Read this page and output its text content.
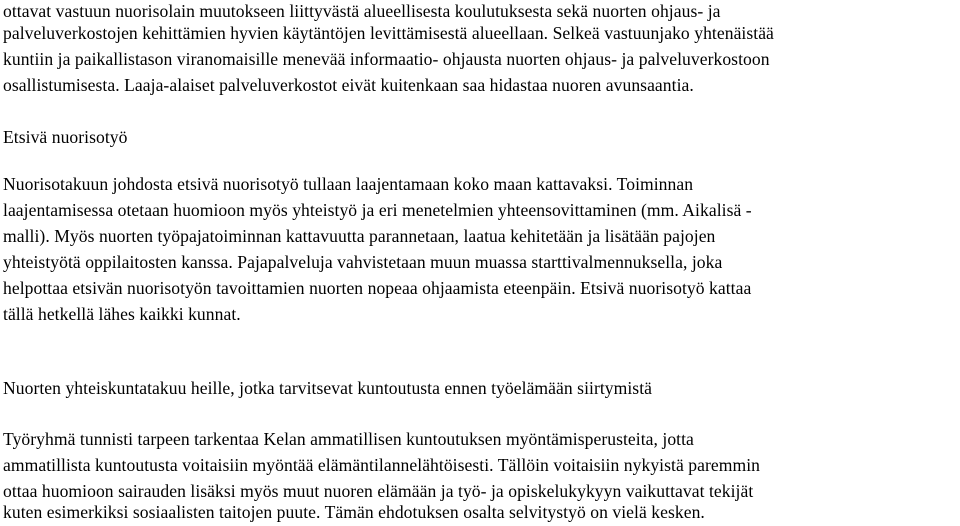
ottavat vastuun nuorisolain muutokseen liittyvästä alueellisesta koulutuksesta sekä nuorten ohjaus- ja
palveluverkostojen kehittämien hyvien käytäntöjen levittämisestä alueellaan. Selkeä vastuunjako yhtenäistää
kuntiin ja paikallistason viranomaisille menevää informaatio- ohjausta nuorten ohjaus- ja palveluverkostoon
osallistumisesta. Laaja-alaiset palveluverkostot eivät kuitenkaan saa hidastaa nuoren avunsaantia.
Etsivä nuorisotyö
Nuorisotakuun johdosta etsivä nuorisotyö tullaan laajentamaan koko maan kattavaksi. Toiminnan
laajentamisessa otetaan huomioon myös yhteistyö ja eri menetelmien yhteensovittaminen (mm. Aikalisä -
malli). Myös nuorten työpajatoiminnan kattavuutta parannetaan, laatua kehitetään ja lisätään pajojen
yhteistyötä oppilaitosten kanssa. Pajapalveluja vahvistetaan muun muassa starttivalmennuksella, joka
helpottaa etsivän nuorisotyön tavoittamien nuorten nopeaa ohjaamista eteenpäin. Etsivä nuorisotyö kattaa
tällä hetkellä lähes kaikki kunnat.
Nuorten yhteiskuntatakuu heille, jotka tarvitsevat kuntoutusta ennen työelämään siirtymistä
Työryhmä tunnisti tarpeen tarkentaa Kelan ammatillisen kuntoutuksen myöntämisperusteita, jotta
ammatillista kuntoutusta voitaisiin myöntää elämäntilannelähtöisesti. Tällöin voitaisiin nykyistä paremmin
ottaa huomioon sairauden lisäksi myös muut nuoren elämään ja työ- ja opiskelukykyyn vaikuttavat tekijät
kuten esimerkiksi sosiaalisten taitojen puute. Tämän ehdotuksen osalta selvitystyö on vielä kesken.
